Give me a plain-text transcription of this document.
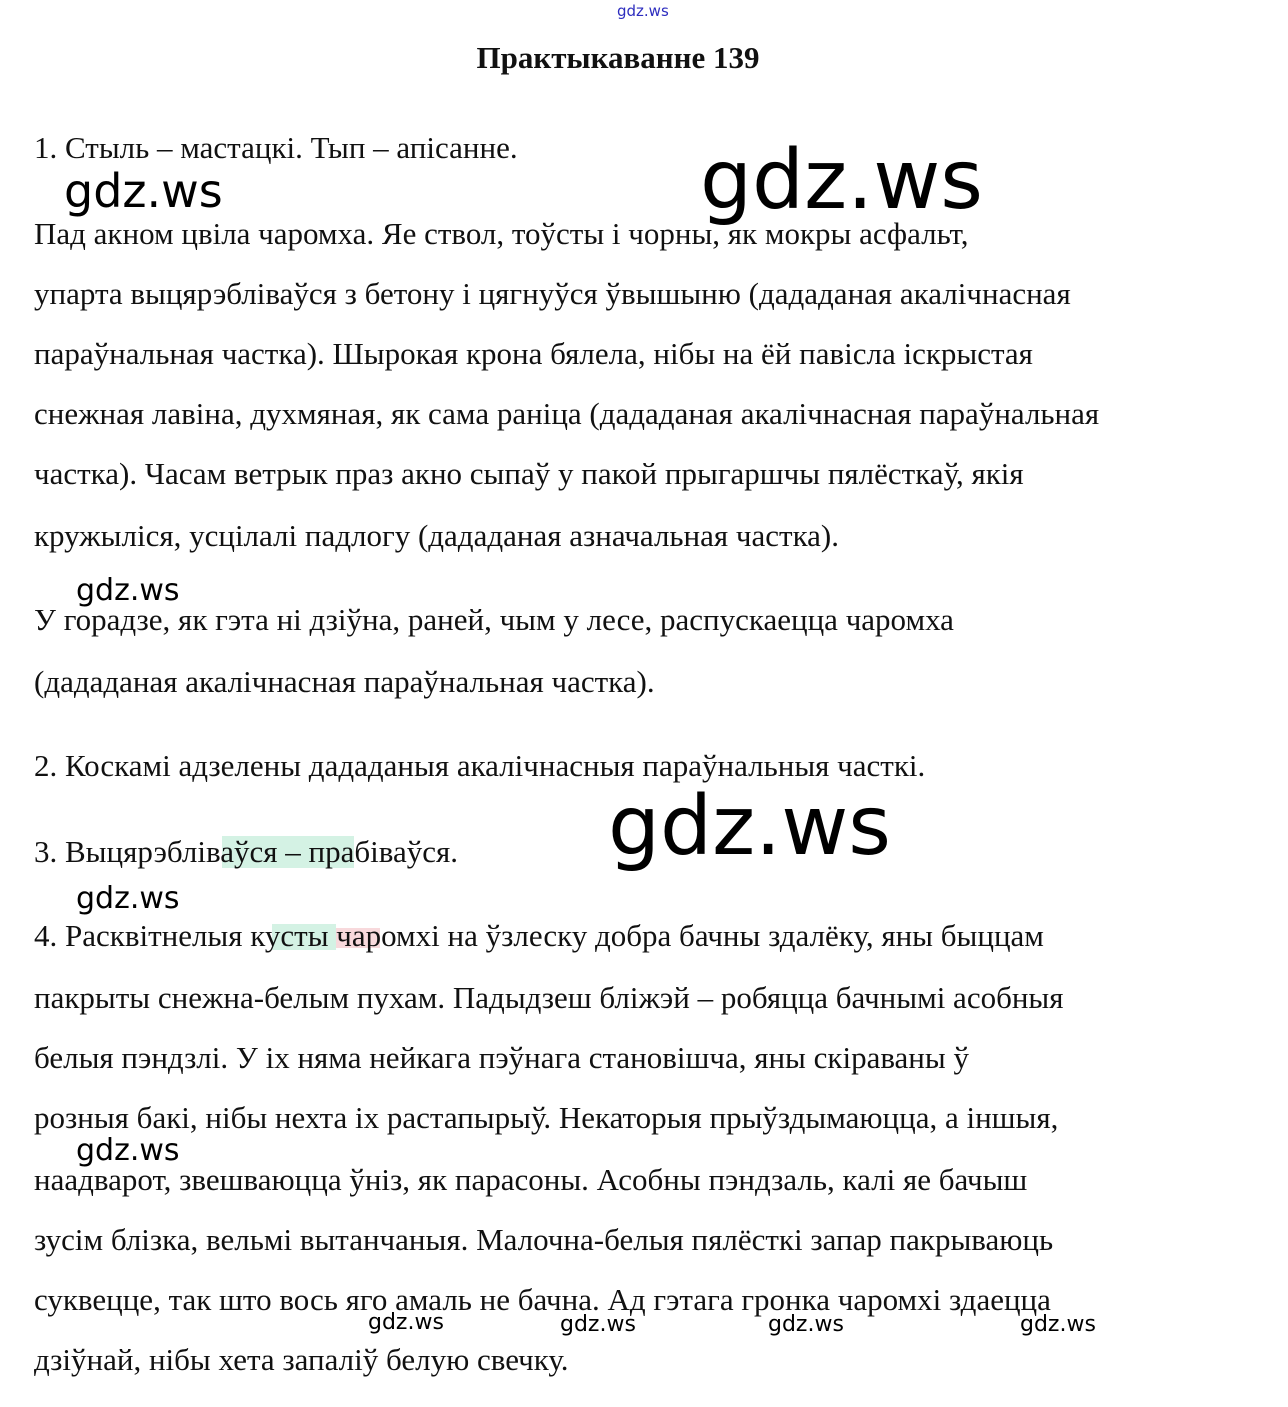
gdz.ws
gdz.ws	gdz.ws
gdz.ws
gdz.ws
gdz.ws
gdz.ws
gdz.ws	gdz.ws	gdz.ws	gdz.ws
Практыкаванне 139
1. Стыль – мастацкі. Тып – апісанне.
Пад акном цвіла чаромха. Яе ствол, тоўсты і чорны, як мокры асфальт,
упарта выцярэбліваўся з бетону і цягнуўся ўвышыню (дададаная акалічнасная
параўнальная частка). Шырокая крона бялела, нібы на ёй павісла іскрыстая
снежная лавіна, духмяная, як сама раніца (дададаная акалічнасная параўнальная
частка). Часам ветрык праз акно сыпаў у пакой прыгаршчы пялёсткаў, якія
кружыліся, усцілалі падлогу (дададаная азначальная частка).
У горадзе, як гэта ні дзіўна, раней, чым у лесе, распускаецца чаромха
(дададаная акалічнасная параўнальная частка).
2. Коскамі адзелены дададаныя акалічнасныя параўнальныя часткі.
3. Выцярэбліваўся – прабіваўся.
4. Расквітнелыя кусты чаромхі на ўзлеску добра бачны здалёку, яны быццам
пакрыты снежна-белым пухам. Падыдзеш бліжэй – робяцца бачнымі асобныя
белыя пэндзлі. У іх няма нейкага пэўнага становішча, яны скіраваны ў
розныя бакі, нібы нехта іх растапырыў. Некаторыя прыўздымаюцца, а іншыя,
наадварот, звешваюцца ўніз, як парасоны. Асобны пэндзаль, калі яе бачыш
зусім блізка, вельмі вытанчаныя. Малочна-белыя пялёсткі запар пакрываюць
суквецце, так што вось яго амаль не бачна. Ад гэтага гронка чаромхі здаецца
дзіўнай, нібы хета запаліў белую свечку.
